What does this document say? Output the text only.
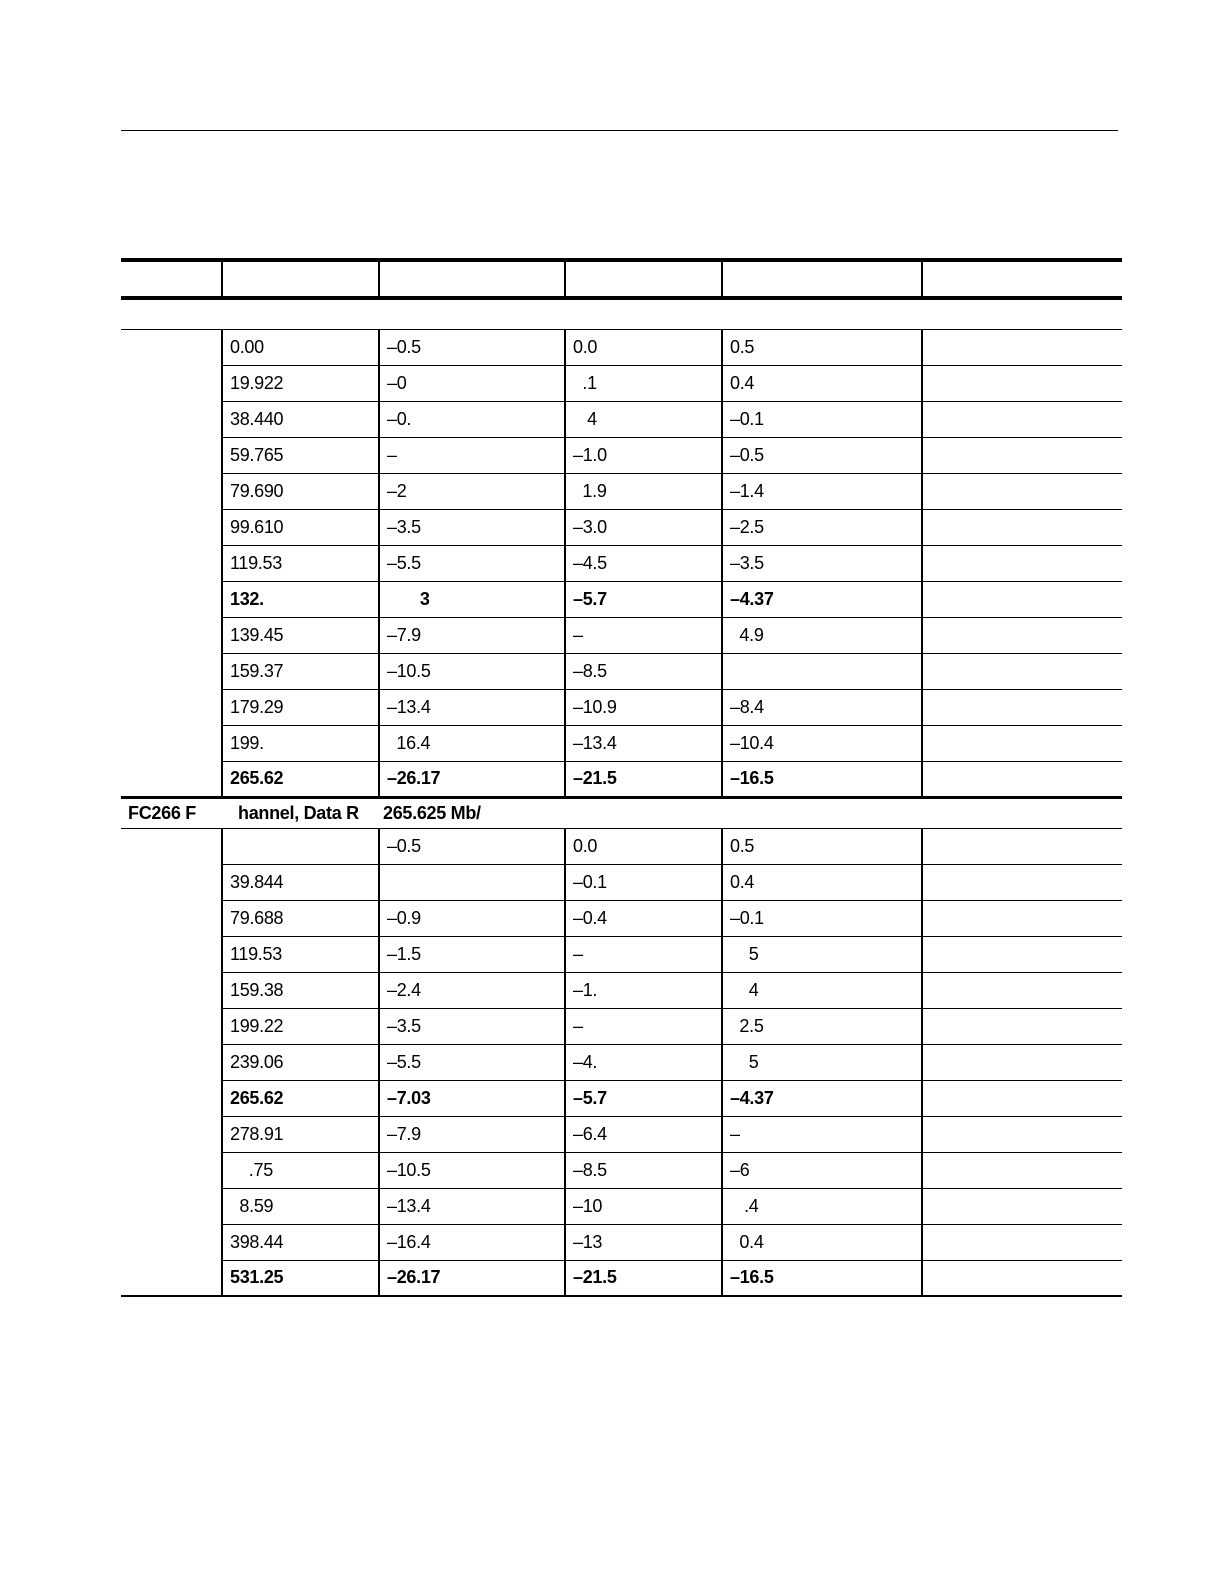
	0.00	–0.5	0.0	0.5	
	19.922	–0	.1	0.4	
	38.440	–0.	4	–0.1	
	59.765	–	–1.0	–0.5	
	79.690	–2	1.9	–1.4	
	99.610	–3.5	–3.0	–2.5	
	119.53	–5.5	–4.5	–3.5	
	132.	3	–5.7	–4.37	
	139.45	–7.9	–	4.9	
	159.37	–10.5	–8.5		
	179.29	–13.4	–10.9	–8.4	
	199.	16.4	–13.4	–10.4	
	265.62	–26.17	–21.5	–16.5	
FC266 F	hannel, Data R	265.625 Mb/			
		–0.5	0.0	0.5	
	39.844		–0.1	0.4	
	79.688	–0.9	–0.4	–0.1	
	119.53	–1.5	–	5	
	159.38	–2.4	–1.	4	
	199.22	–3.5	–	2.5	
	239.06	–5.5	–4.	5	
	265.62	–7.03	–5.7	–4.37	
	278.91	–7.9	–6.4	–	
	.75	–10.5	–8.5	–6	
	8.59	–13.4	–10	.4	
	398.44	–16.4	–13	0.4	
	531.25	–26.17	–21.5	–16.5	
